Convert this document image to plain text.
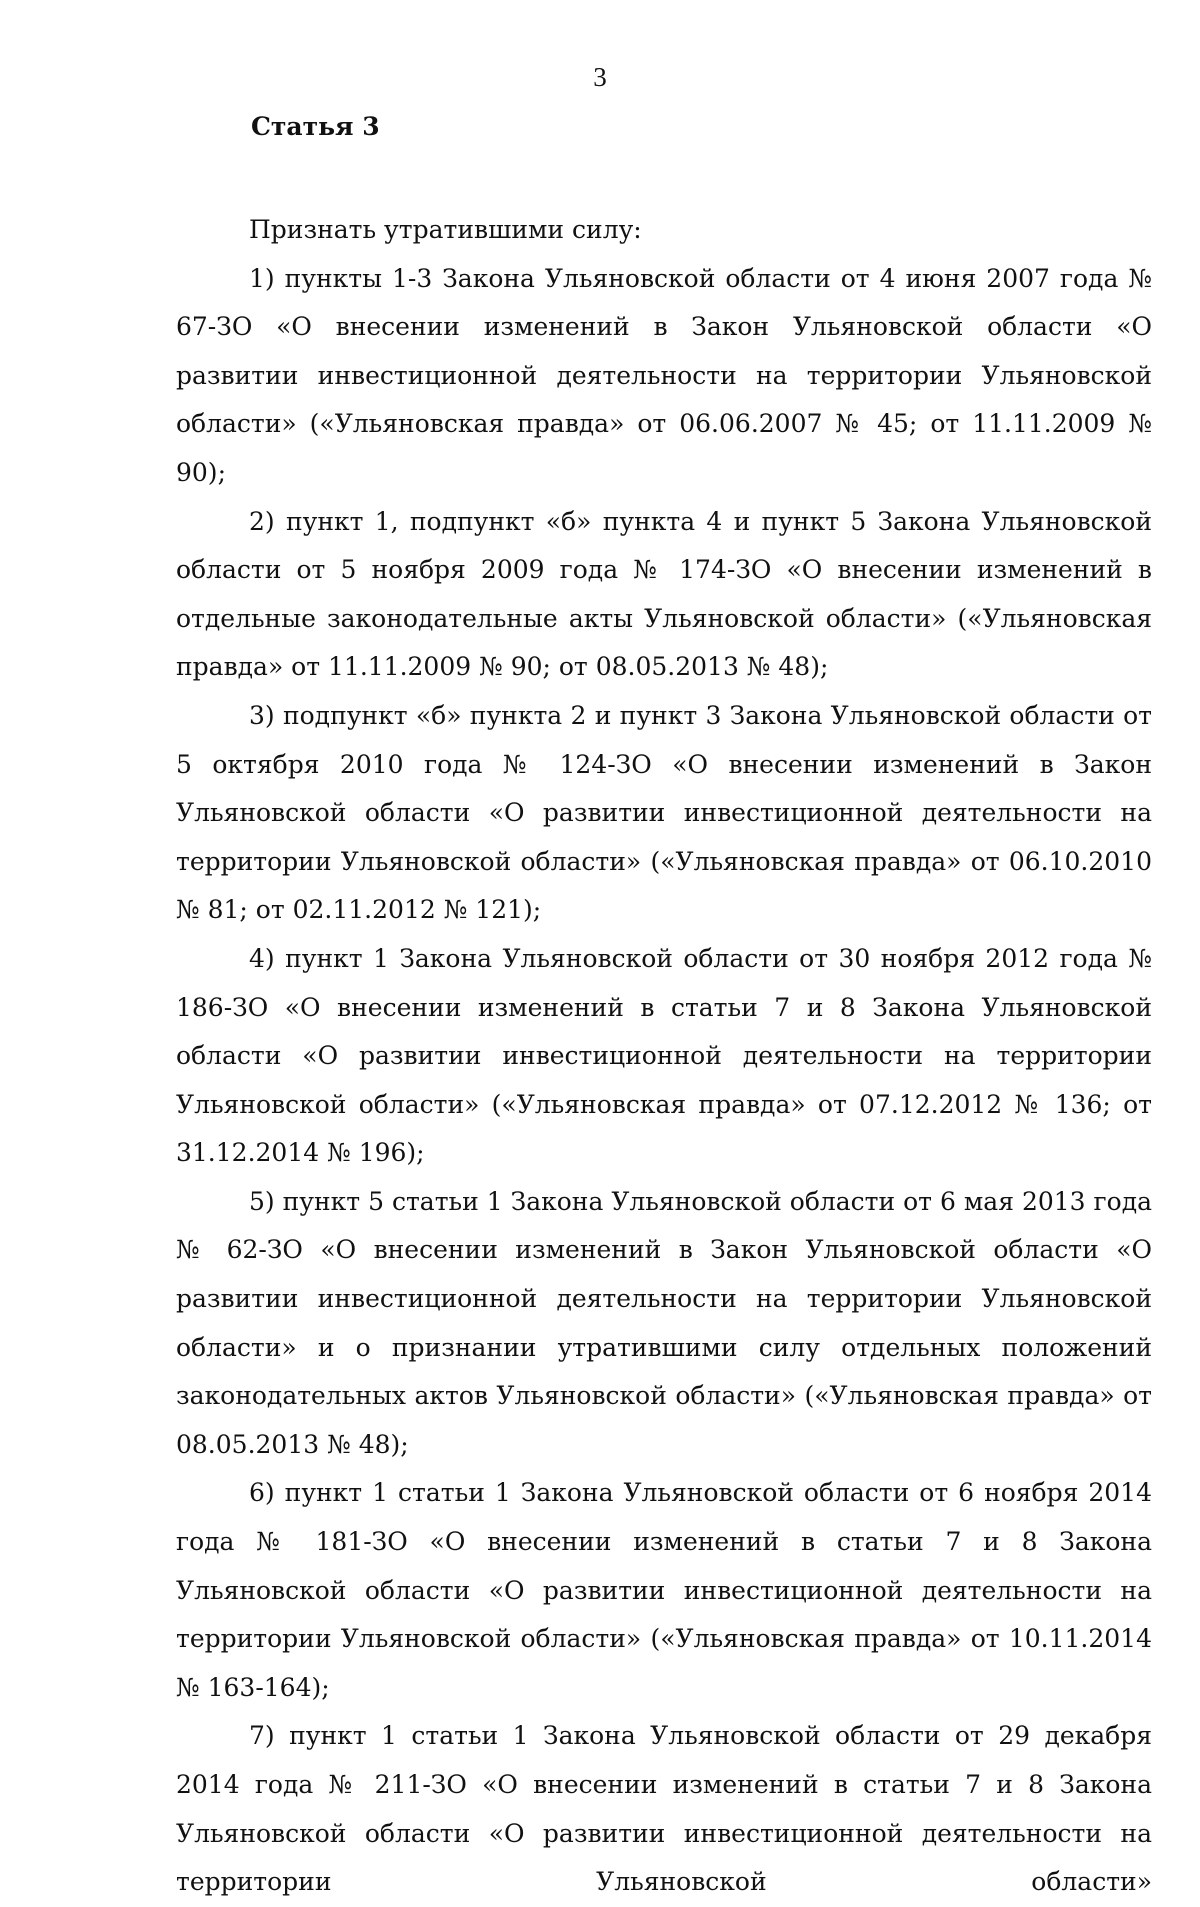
3
Статья 3

Признать утратившими силу:

1) пункты 1-3 Закона Ульяновской области от 4 июня 2007 года № 67-ЗО «О внесении изменений в Закон Ульяновской области «О развитии инвестиционной деятельности на территории Ульяновской области» («Ульяновская правда» от 06.06.2007 № 45; от 11.11.2009 № 90);

2) пункт 1, подпункт «б» пункта 4 и пункт 5 Закона Ульяновской области от 5 ноября 2009 года № 174-ЗО «О внесении изменений в отдельные законодательные акты Ульяновской области» («Ульяновская правда» от 11.11.2009 № 90; от 08.05.2013 № 48);

3) подпункт «б» пункта 2 и пункт 3 Закона Ульяновской области от 5 октября 2010 года № 124-ЗО «О внесении изменений в Закон Ульяновской области «О развитии инвестиционной деятельности на территории Ульяновской области» («Ульяновская правда» от 06.10.2010 № 81; от 02.11.2012 № 121);

4) пункт 1 Закона Ульяновской области от 30 ноября 2012 года № 186-ЗО «О внесении изменений в статьи 7 и 8 Закона Ульяновской области «О развитии инвестиционной деятельности на территории Ульяновской области» («Ульяновская правда» от 07.12.2012 № 136; от 31.12.2014 № 196);

5) пункт 5 статьи 1 Закона Ульяновской области от 6 мая 2013 года № 62-ЗО «О внесении изменений в Закон Ульяновской области «О развитии инвестиционной деятельности на территории Ульяновской области» и о признании утратившими силу отдельных положений законодательных актов Ульяновской области» («Ульяновская правда» от 08.05.2013 № 48);

6) пункт 1 статьи 1 Закона Ульяновской области от 6 ноября 2014 года № 181-ЗО «О внесении изменений в статьи 7 и 8 Закона Ульяновской области «О развитии инвестиционной деятельности на территории Ульяновской области» («Ульяновская правда» от 10.11.2014 № 163-164);

7) пункт 1 статьи 1 Закона Ульяновской области от 29 декабря 2014 года № 211-ЗО «О внесении изменений в статьи 7 и 8 Закона Ульяновской области «О развитии инвестиционной деятельности на территории Ульяновской области»
